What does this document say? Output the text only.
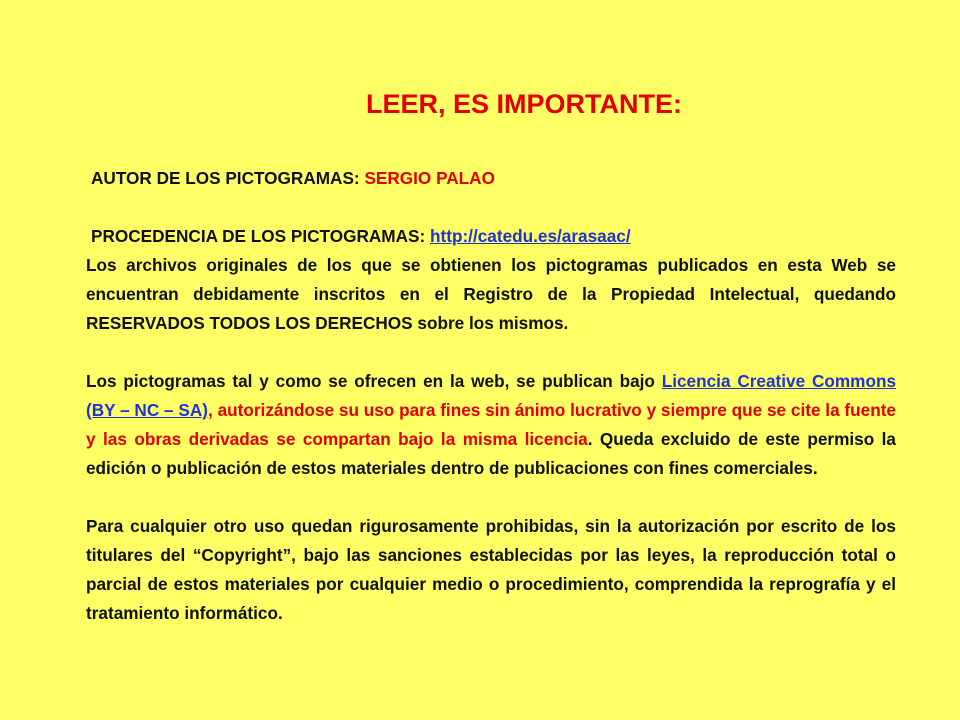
LEER, ES IMPORTANTE:

AUTOR DE LOS PICTOGRAMAS: SERGIO PALAO

PROCEDENCIA DE LOS PICTOGRAMAS: http://catedu.es/arasaac/

Los archivos originales de los que se obtienen los pictogramas publicados en esta Web se encuentran debidamente inscritos en el Registro de la Propiedad Intelectual, quedando RESERVADOS TODOS LOS DERECHOS sobre los mismos.

Los pictogramas tal y como se ofrecen en la web, se publican bajo Licencia Creative Commons (BY – NC – SA), autorizándose su uso para fines sin ánimo lucrativo y siempre que se cite la fuente y las obras derivadas se compartan bajo la misma licencia. Queda excluido de este permiso la edición o publicación de estos materiales dentro de publicaciones con fines comerciales.

Para cualquier otro uso quedan rigurosamente prohibidas, sin la autorización por escrito de los titulares del “Copyright”, bajo las sanciones establecidas por las leyes, la reproducción total o parcial de estos materiales por cualquier medio o procedimiento, comprendida la reprografía y el tratamiento informático.
